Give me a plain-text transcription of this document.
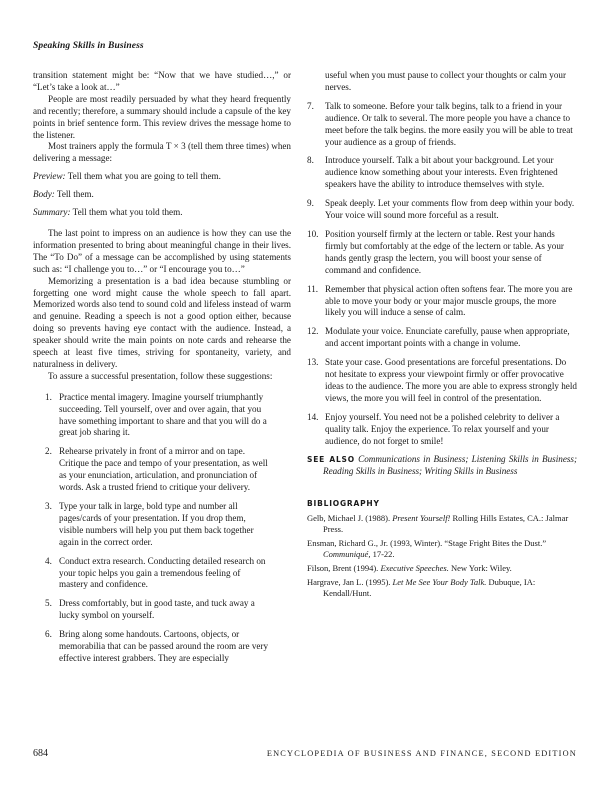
Speaking Skills in Business

transition statement might be: “Now that we have studied…,” or “Let’s take a look at…”

People are most readily persuaded by what they heard frequently and recently; therefore, a summary should include a capsule of the key points in brief sentence form. This review drives the message home to the listener.

Most trainers apply the formula T × 3 (tell them three times) when delivering a message:

Preview: Tell them what you are going to tell them.

Body: Tell them.

Summary: Tell them what you told them.

The last point to impress on an audience is how they can use the information presented to bring about meaningful change in their lives. The “To Do” of a message can be accomplished by using statements such as: “I challenge you to…” or “I encourage you to…”

Memorizing a presentation is a bad idea because stumbling or forgetting one word might cause the whole speech to fall apart. Memorized words also tend to sound cold and lifeless instead of warm and genuine. Reading a speech is not a good option either, because doing so prevents having eye contact with the audience. Instead, a speaker should write the main points on note cards and rehearse the speech at least five times, striving for spontaneity, variety, and naturalness in delivery.

To assure a successful presentation, follow these suggestions:

1. Practice mental imagery. Imagine yourself triumphantly succeeding. Tell yourself, over and over again, that you have something important to share and that you will do a great job sharing it.
2. Rehearse privately in front of a mirror and on tape. Critique the pace and tempo of your presentation, as well as your enunciation, articulation, and pronunciation of words. Ask a trusted friend to critique your delivery.
3. Type your talk in large, bold type and number all pages/cards of your presentation. If you drop them, visible numbers will help you put them back together again in the correct order.
4. Conduct extra research. Conducting detailed research on your topic helps you gain a tremendous feeling of mastery and confidence.
5. Dress comfortably, but in good taste, and tuck away a lucky symbol on yourself.
6. Bring along some handouts. Cartoons, objects, or memorabilia that can be passed around the room are very effective interest grabbers. They are especially
useful when you must pause to collect your thoughts or calm your nerves.
7. Talk to someone. Before your talk begins, talk to a friend in your audience. Or talk to several. The more people you have a chance to meet before the talk begins. the more easily you will be able to treat your audience as a group of friends.
8. Introduce yourself. Talk a bit about your background. Let your audience know something about your interests. Even frightened speakers have the ability to introduce themselves with style.
9. Speak deeply. Let your comments flow from deep within your body. Your voice will sound more forceful as a result.
10. Position yourself firmly at the lectern or table. Rest your hands firmly but comfortably at the edge of the lectern or table. As your hands gently grasp the lectern, you will boost your sense of command and confidence.
11. Remember that physical action often softens fear. The more you are able to move your body or your major muscle groups, the more likely you will induce a sense of calm.
12. Modulate your voice. Enunciate carefully, pause when appropriate, and accent important points with a change in volume.
13. State your case. Good presentations are forceful presentations. Do not hesitate to express your viewpoint firmly or offer provocative ideas to the audience. The more you are able to express strongly held views, the more you will feel in control of the presentation.
14. Enjoy yourself. You need not be a polished celebrity to deliver a quality talk. Enjoy the experience. To relax yourself and your audience, do not forget to smile!

SEE ALSO Communications in Business; Listening Skills in Business; Reading Skills in Business; Writing Skills in Business

BIBLIOGRAPHY
Gelb, Michael J. (1988). Present Yourself! Rolling Hills Estates, CA.: Jalmar Press.
Ensman, Richard G., Jr. (1993, Winter). “Stage Fright Bites the Dust.” Communiqué, 17-22.
Filson, Brent (1994). Executive Speeches. New York: Wiley.
Hargrave, Jan L. (1995). Let Me See Your Body Talk. Dubuque, IA: Kendall/Hunt.
684	ENCYCLOPEDIA OF BUSINESS AND FINANCE, SECOND EDITION
